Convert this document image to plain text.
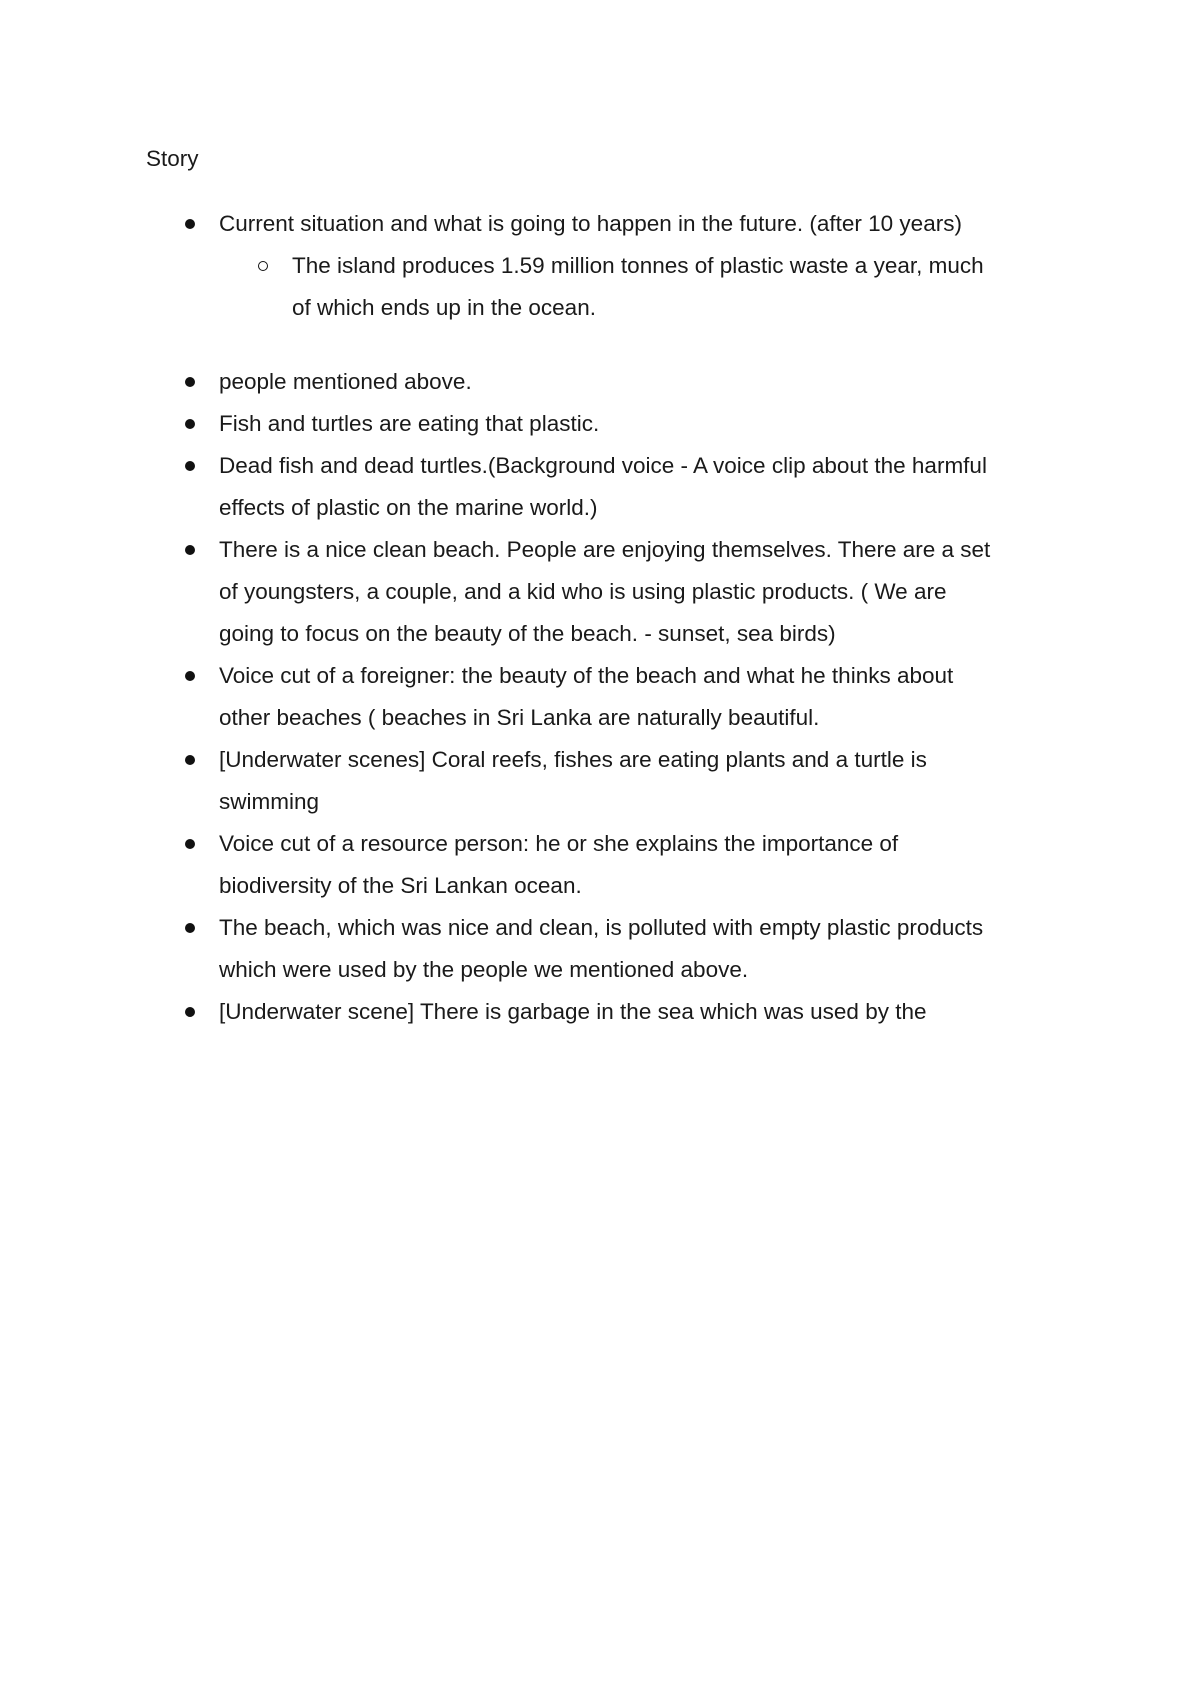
Story
Current situation and what is going to happen in the future. (after 10 years)
The island produces 1.59 million tonnes of plastic waste a year, much
of which ends up in the ocean.
people mentioned above.
Fish and turtles are eating that plastic.
Dead fish and dead turtles.(Background voice - A voice clip about the harmful
effects of plastic on the marine world.)
There is a nice clean beach. People are enjoying themselves. There are a set
of youngsters, a couple, and a kid who is using plastic products. ( We are
going to focus on the beauty of the beach. - sunset, sea birds)
Voice cut of a foreigner: the beauty of the beach and what he thinks about
other beaches ( beaches in Sri Lanka are naturally beautiful.
[Underwater scenes] Coral reefs, fishes are eating plants and a turtle is
swimming
Voice cut of a resource person: he or she explains the importance of
biodiversity of the Sri Lankan ocean.
The beach, which was nice and clean, is polluted with empty plastic products
which were used by the people we mentioned above.
[Underwater scene] There is garbage in the sea which was used by the
